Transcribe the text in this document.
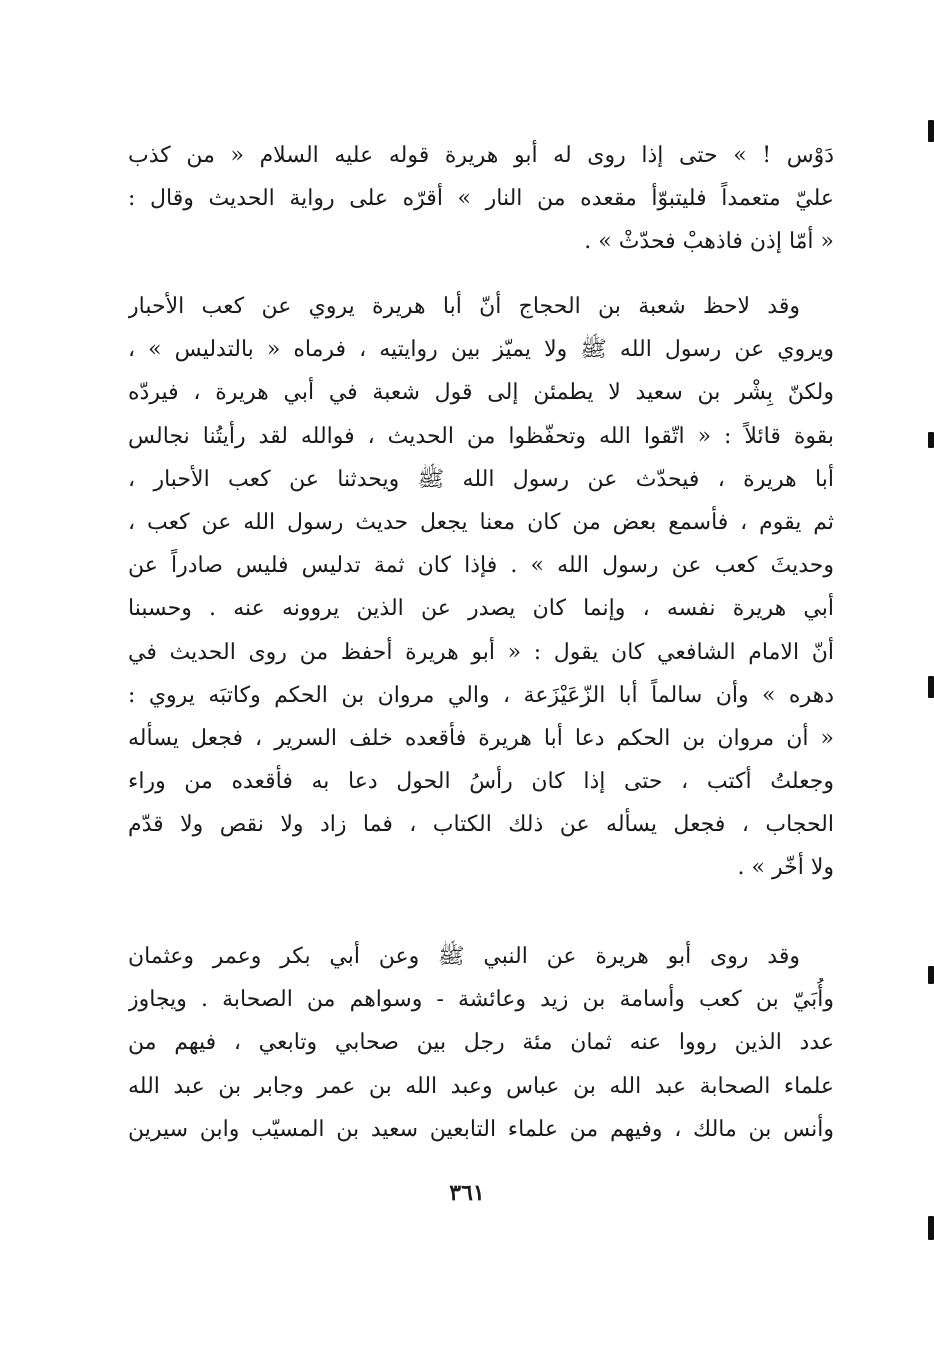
دَوْس ! » حتى إذا روى له أبو هريرة قوله عليه السلام « من كذب
عليّ متعمداً فليتبوّأ مقعده من النار » أقرّه على رواية الحديث وقال :
« أمّا إذن فاذهبْ فحدّثْ » .
وقد لاحظ شعبة بن الحجاج أنّ أبا هريرة يروي عن كعب الأحبار
ويروي عن رسول الله ﷺ ولا يميّز بين روايتيه ، فرماه « بالتدليس » ،
ولكنّ بِشْر بن سعيد لا يطمئن إلى قول شعبة في أبي هريرة ، فيردّه
بقوة قائلاً : « اتّقوا الله وتحفّظوا من الحديث ، فوالله لقد رأيتُنا نجالس
أبا هريرة ، فيحدّث عن رسول الله ﷺ ويحدثنا عن كعب الأحبار ،
ثم يقوم ، فأسمع بعض من كان معنا يجعل حديث رسول الله عن كعب ،
وحديثَ كعب عن رسول الله » . فإذا كان ثمة تدليس فليس صادراً عن
أبي هريرة نفسه ، وإنما كان يصدر عن الذين يروونه عنه . وحسبنا
أنّ الامام الشافعي كان يقول : « أبو هريرة أحفظ من روى الحديث في
دهره » وأن سالماً أبا الزّعَيْزَعة ، والي مروان بن الحكم وكاتبَه يروي :
« أن مروان بن الحكم دعا أبا هريرة فأقعده خلف السرير ، فجعل يسأله
وجعلتُ أكتب ، حتى إذا كان رأسُ الحول دعا به فأقعده من وراء
الحجاب ، فجعل يسأله عن ذلك الكتاب ، فما زاد ولا نقص ولا قدّم
ولا أخّر » .
وقد روى أبو هريرة عن النبي ﷺ وعن أبي بكر وعمر وعثمان
وأُبَيّ بن كعب وأسامة بن زيد وعائشة - وسواهم من الصحابة . ويجاوز
عدد الذين رووا عنه ثمان مئة رجل بين صحابي وتابعي ، فيهم من
علماء الصحابة عبد الله بن عباس وعبد الله بن عمر وجابر بن عبد الله
وأنس بن مالك ، وفيهم من علماء التابعين سعيد بن المسيّب وابن سيرين
٣٦١
